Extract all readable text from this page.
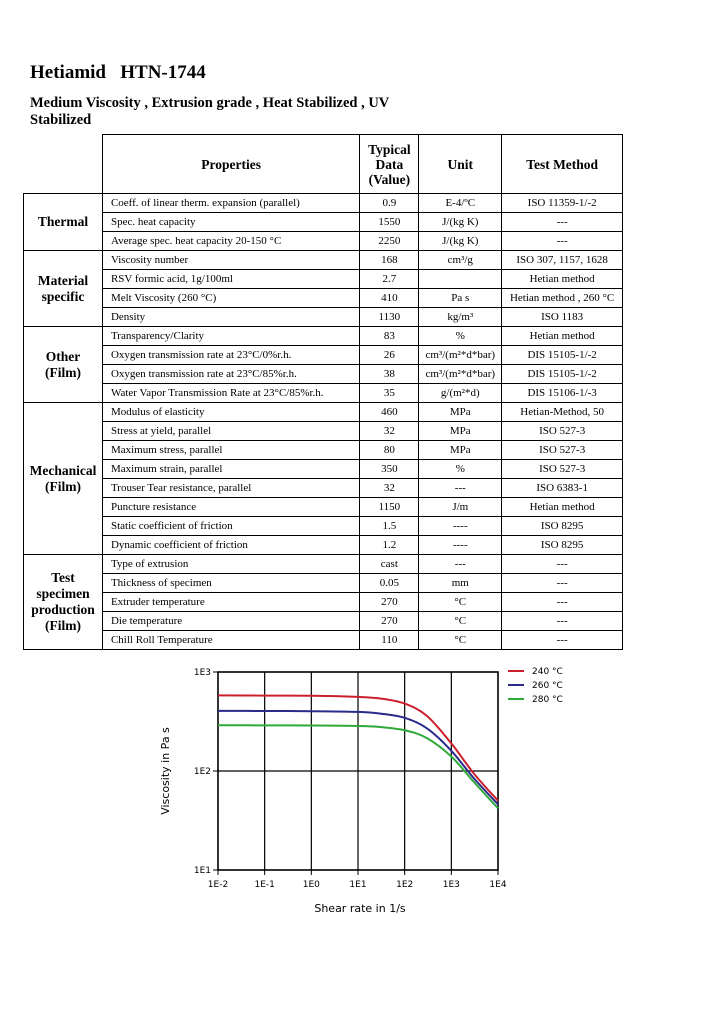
Hetiamid   HTN-1744
Medium Viscosity , Extrusion grade , Heat Stabilized , UV Stabilized
	Properties	Typical
Data
(Value)	Unit	Test Method
Thermal	Coeff. of linear therm. expansion (parallel)	0.9	E-4/ºC	ISO 11359-1/-2
	Spec. heat capacity	1550	J/(kg K)	---
	Average spec. heat capacity 20-150 °C	2250	J/(kg K)	---
Material
specific	Viscosity number	168	cm³/g	ISO 307, 1157, 1628
	RSV formic acid, 1g/100ml	2.7		Hetian method
	Melt Viscosity (260 °C)	410	Pa s	Hetian method , 260 °C
	Density	1130	kg/m³	ISO 1183
Other
(Film)	Transparency/Clarity	83	%	Hetian method
	Oxygen transmission rate at 23°C/0%r.h.	26	cm³/(m²*d*bar)	DIS 15105-1/-2
	Oxygen transmission rate at 23°C/85%r.h.	38	cm³/(m²*d*bar)	DIS 15105-1/-2
	Water Vapor Transmission Rate at 23°C/85%r.h.	35	g/(m²*d)	DIS 15106-1/-3
Mechanical
(Film)	Modulus of elasticity	460	MPa	Hetian-Method, 50
	Stress at yield, parallel	32	MPa	ISO 527-3
	Maximum stress, parallel	80	MPa	ISO 527-3
	Maximum strain, parallel	350	%	ISO 527-3
	Trouser Tear resistance, parallel	32	---	ISO 6383-1
	Puncture resistance	1150	J/m	Hetian method
	Static coefficient of friction	1.5	----	ISO 8295
	Dynamic coefficient of friction	1.2	----	ISO 8295
Test
specimen
production
(Film)	Type of extrusion	cast	---	---
	Thickness of specimen	0.05	mm	---
	Extruder temperature	270	°C	---
	Die temperature	270	°C	---
	Chill Roll Temperature	110	°C	---
1E-2	1E-1	1E0	1E1	1E2	1E3	1E4
1E1
1E2
1E3	240 °C
260 °C
280 °C
Shear rate in 1/s
Viscosity in Pa s
